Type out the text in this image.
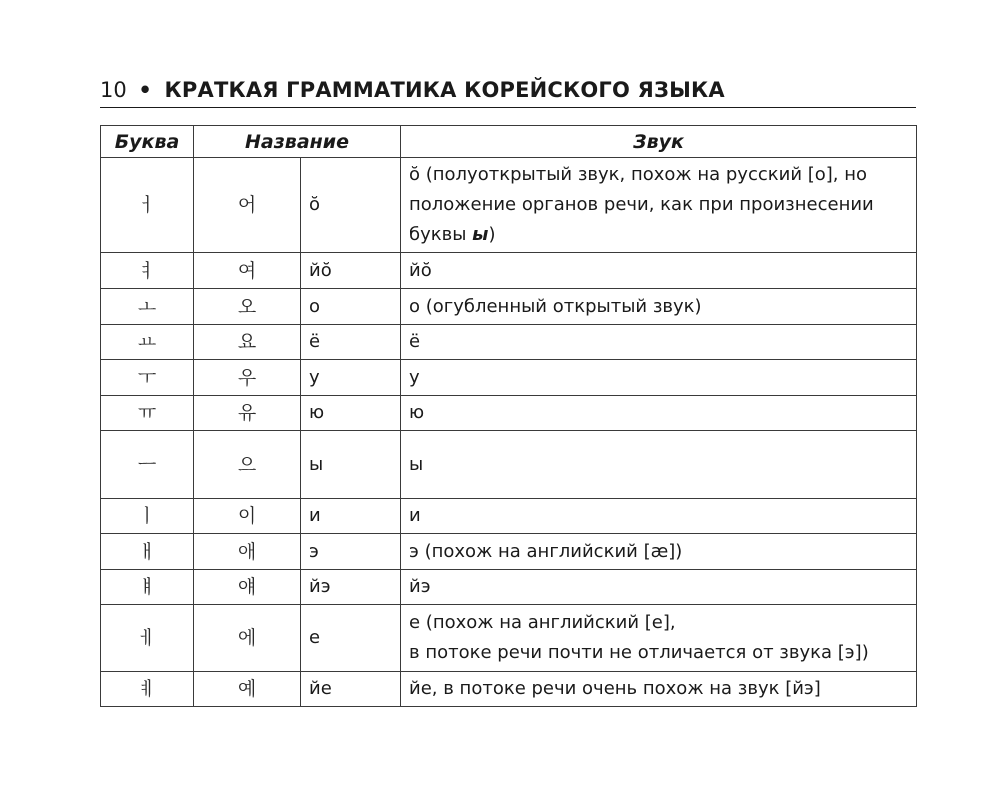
10 • КРАТКАЯ ГРАММАТИКА КОРЕЙСКОГО ЯЗЫКА
Буква	Название		Звук
ㅓ	어	ŏ	ŏ (полуоткрытый звук, похож на русский [o], но
положение органов речи, как при произнесении
буквы ы)

ㅕ	여	йŏ	йŏ

ㅗ	오	о	о (огубленный открытый звук)

ㅛ	요	ё	ё

ㅜ	우	у	у

ㅠ	유	ю	ю

ㅡ	으	ы	ы

ㅣ	이	и	и

ㅐ	애	э	э (похож на английский [æ])

ㅒ	얘	йэ	йэ

ㅔ	에	е	е (похож на английский [e],
в потоке речи почти не отличается от звука [э])

ㅖ	예	йе	йе, в потоке речи очень похож на звук [йэ]
